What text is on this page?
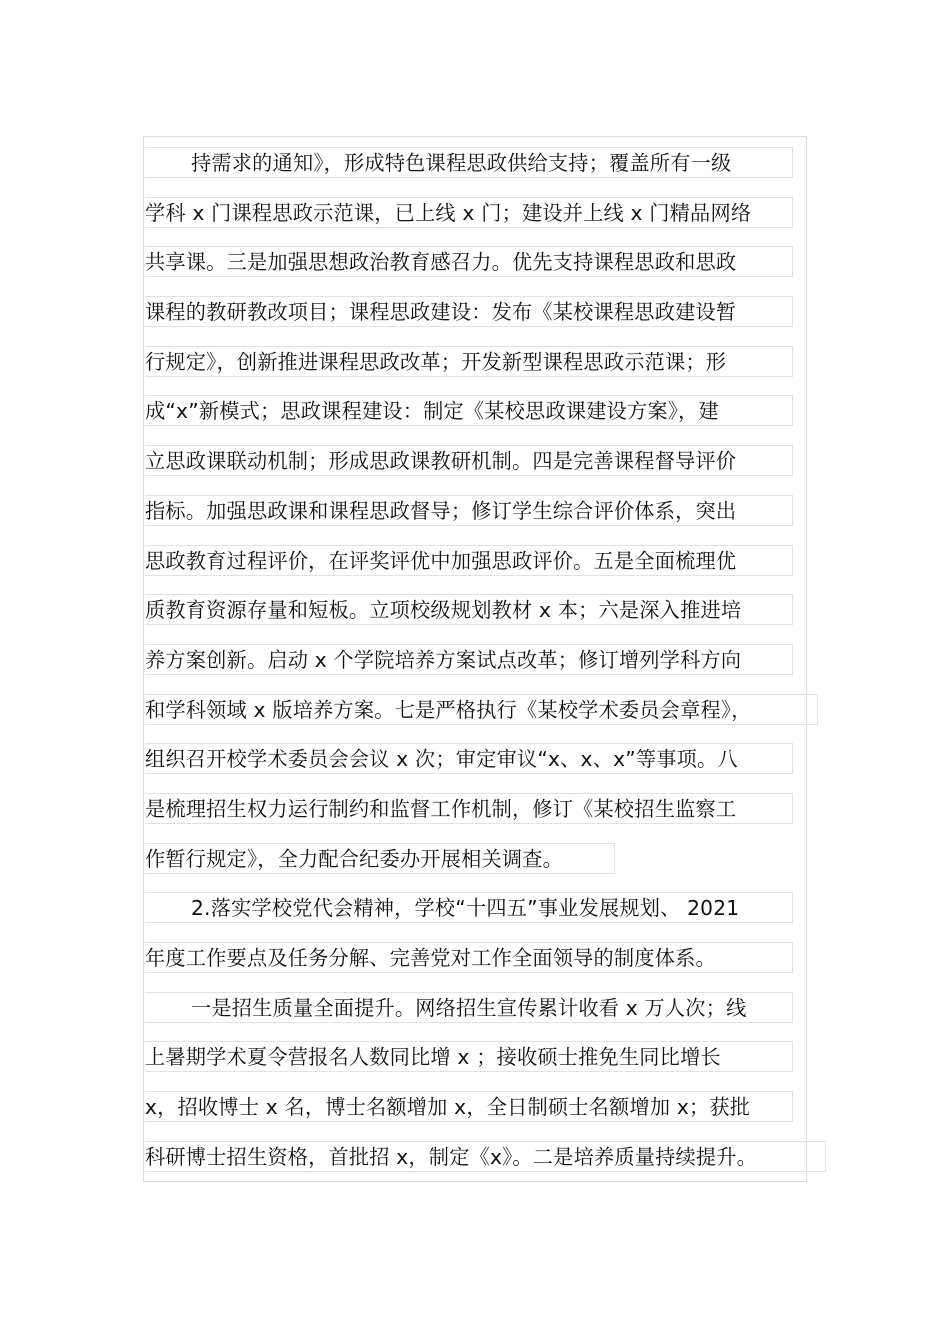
持需求的通知》，形成特色课程思政供给支持；覆盖所有一级
学科 x 门课程思政示范课，已上线 x 门；建设并上线 x 门精品网络
共享课。三是加强思想政治教育感召力。优先支持课程思政和思政
课程的教研教改项目；课程思政建设：发布《某校课程思政建设暂
行规定》，创新推进课程思政改革；开发新型课程思政示范课；形
成“x”新模式；思政课程建设：制定《某校思政课建设方案》，建
立思政课联动机制；形成思政课教研机制。四是完善课程督导评价
指标。加强思政课和课程思政督导；修订学生综合评价体系，突出
思政教育过程评价，在评奖评优中加强思政评价。五是全面梳理优
质教育资源存量和短板。立项校级规划教材 x 本；六是深入推进培
养方案创新。启动 x 个学院培养方案试点改革；修订增列学科方向
和学科领域 x 版培养方案。七是严格执行《某校学术委员会章程》，
组织召开校学术委员会会议 x 次；审定审议“x、x、x”等事项。八
是梳理招生权力运行制约和监督工作机制，修订《某校招生监察工
作暂行规定》，全力配合纪委办开展相关调查。
2.落实学校党代会精神，学校“十四五”事业发展规划、 2021
年度工作要点及任务分解、完善党对工作全面领导的制度体系。
一是招生质量全面提升。网络招生宣传累计收看 x 万人次；线
上暑期学术夏令营报名人数同比增 x ；接收硕士推免生同比增长
x，招收博士 x 名，博士名额增加 x，全日制硕士名额增加 x；获批
科研博士招生资格，首批招 x，制定《x》。二是培养质量持续提升。
